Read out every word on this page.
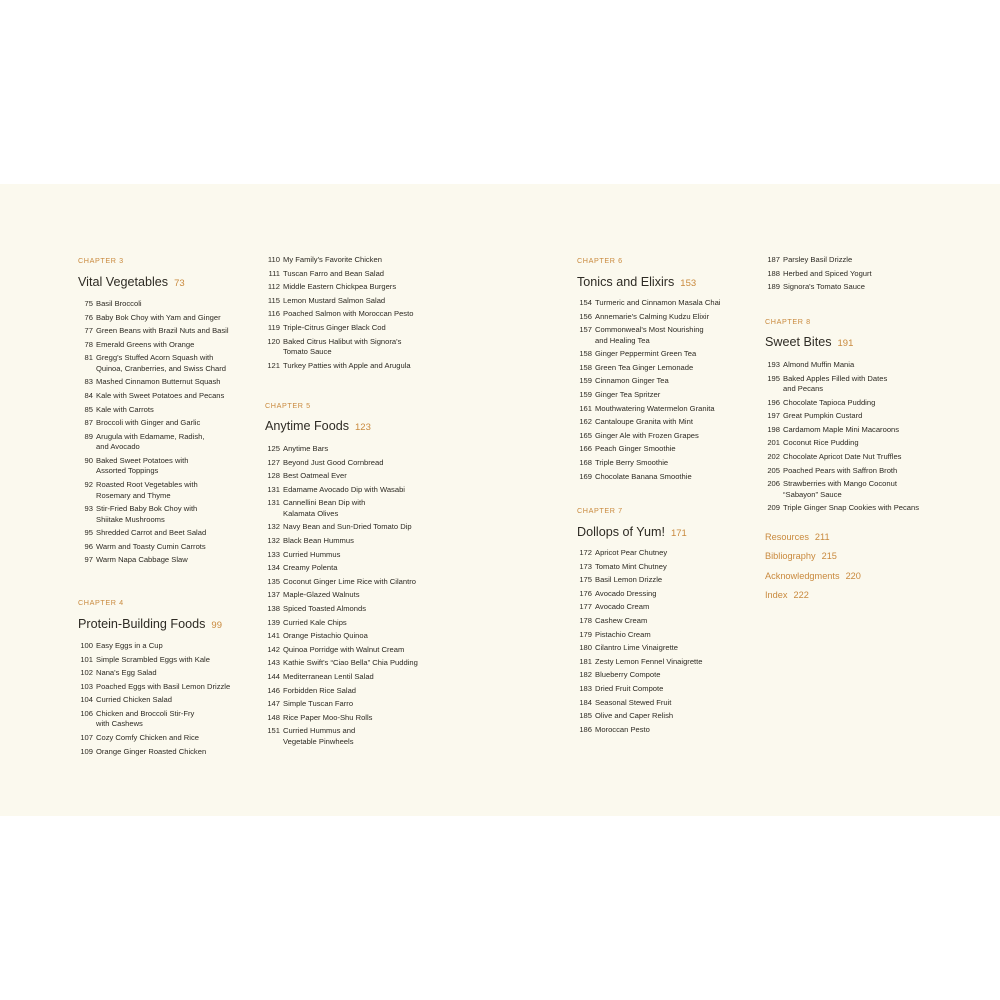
CHAPTER 3
Vital Vegetables 73
75 Basil Broccoli
76 Baby Bok Choy with Yam and Ginger
77 Green Beans with Brazil Nuts and Basil
78 Emerald Greens with Orange
81 Gregg's Stuffed Acorn Squash with
Quinoa, Cranberries, and Swiss Chard
83 Mashed Cinnamon Butternut Squash
84 Kale with Sweet Potatoes and Pecans
85 Kale with Carrots
87 Broccoli with Ginger and Garlic
89 Arugula with Edamame, Radish,
and Avocado
90 Baked Sweet Potatoes with
Assorted Toppings
92 Roasted Root Vegetables with
Rosemary and Thyme
93 Stir-Fried Baby Bok Choy with
Shiitake Mushrooms
95 Shredded Carrot and Beet Salad
96 Warm and Toasty Cumin Carrots
97 Warm Napa Cabbage Slaw
CHAPTER 4
Protein-Building Foods 99
100 Easy Eggs in a Cup
101 Simple Scrambled Eggs with Kale
102 Nana's Egg Salad
103 Poached Eggs with Basil Lemon Drizzle
104 Curried Chicken Salad
106 Chicken and Broccoli Stir-Fry
with Cashews
107 Cozy Comfy Chicken and Rice
109 Orange Ginger Roasted Chicken
110 My Family's Favorite Chicken
111 Tuscan Farro and Bean Salad
112 Middle Eastern Chickpea Burgers
115 Lemon Mustard Salmon Salad
116 Poached Salmon with Moroccan Pesto
119 Triple-Citrus Ginger Black Cod
120 Baked Citrus Halibut with Signora's
Tomato Sauce
121 Turkey Patties with Apple and Arugula
CHAPTER 5
Anytime Foods 123
125 Anytime Bars
127 Beyond Just Good Cornbread
128 Best Oatmeal Ever
131 Edamame Avocado Dip with Wasabi
131 Cannellini Bean Dip with
Kalamata Olives
132 Navy Bean and Sun-Dried Tomato Dip
132 Black Bean Hummus
133 Curried Hummus
134 Creamy Polenta
135 Coconut Ginger Lime Rice with Cilantro
137 Maple-Glazed Walnuts
138 Spiced Toasted Almonds
139 Curried Kale Chips
141 Orange Pistachio Quinoa
142 Quinoa Porridge with Walnut Cream
143 Kathie Swift's “Ciao Bella” Chia Pudding
144 Mediterranean Lentil Salad
146 Forbidden Rice Salad
147 Simple Tuscan Farro
148 Rice Paper Moo-Shu Rolls
151 Curried Hummus and
Vegetable Pinwheels
CHAPTER 6
Tonics and Elixirs 153
154 Turmeric and Cinnamon Masala Chai
156 Annemarie's Calming Kudzu Elixir
157 Commonweal's Most Nourishing
and Healing Tea
158 Ginger Peppermint Green Tea
158 Green Tea Ginger Lemonade
159 Cinnamon Ginger Tea
159 Ginger Tea Spritzer
161 Mouthwatering Watermelon Granita
162 Cantaloupe Granita with Mint
165 Ginger Ale with Frozen Grapes
166 Peach Ginger Smoothie
168 Triple Berry Smoothie
169 Chocolate Banana Smoothie
CHAPTER 7
Dollops of Yum! 171
172 Apricot Pear Chutney
173 Tomato Mint Chutney
175 Basil Lemon Drizzle
176 Avocado Dressing
177 Avocado Cream
178 Cashew Cream
179 Pistachio Cream
180 Cilantro Lime Vinaigrette
181 Zesty Lemon Fennel Vinaigrette
182 Blueberry Compote
183 Dried Fruit Compote
184 Seasonal Stewed Fruit
185 Olive and Caper Relish
186 Moroccan Pesto
187 Parsley Basil Drizzle
188 Herbed and Spiced Yogurt
189 Signora's Tomato Sauce
CHAPTER 8
Sweet Bites 191
193 Almond Muffin Mania
195 Baked Apples Filled with Dates
and Pecans
196 Chocolate Tapioca Pudding
197 Great Pumpkin Custard
198 Cardamom Maple Mini Macaroons
201 Coconut Rice Pudding
202 Chocolate Apricot Date Nut Truffles
205 Poached Pears with Saffron Broth
206 Strawberries with Mango Coconut
“Sabayon” Sauce
209 Triple Ginger Snap Cookies with Pecans
Resources 211
Bibliography 215
Acknowledgments 220
Index 222
